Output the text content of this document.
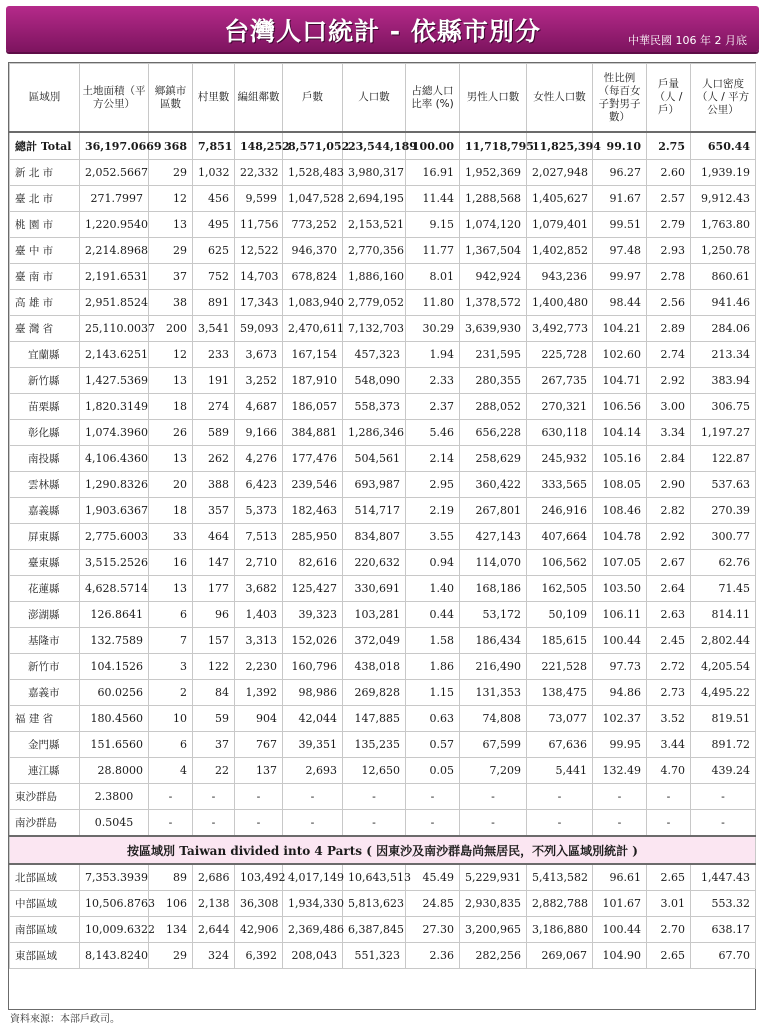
台灣人口統計 - 依縣市別分	中華民國 106 年 2 月底
區域別	土地面積（平方公里）	鄉鎮市區數	村里數	編組鄰數	戶數	人口數	占總人口比率 (%)	男性人口數	女性人口數	性比例（每百女子對男子數）	戶量（人 / 戶）	人口密度（人 / 平方公里）
總計 Total	36,197.0669	368	7,851	148,252	8,571,052	23,544,189	100.00	11,718,795	11,825,394	99.10	2.75	650.44
新 北 市	2,052.5667	29	1,032	22,332	1,528,483	3,980,317	16.91	1,952,369	2,027,948	96.27	2.60	1,939.19
臺 北 市	271.7997	12	456	9,599	1,047,528	2,694,195	11.44	1,288,568	1,405,627	91.67	2.57	9,912.43
桃 園 市	1,220.9540	13	495	11,756	773,252	2,153,521	9.15	1,074,120	1,079,401	99.51	2.79	1,763.80
臺 中 市	2,214.8968	29	625	12,522	946,370	2,770,356	11.77	1,367,504	1,402,852	97.48	2.93	1,250.78
臺 南 市	2,191.6531	37	752	14,703	678,824	1,886,160	8.01	942,924	943,236	99.97	2.78	860.61
高 雄 市	2,951.8524	38	891	17,343	1,083,940	2,779,052	11.80	1,378,572	1,400,480	98.44	2.56	941.46
臺 灣 省	25,110.0037	200	3,541	59,093	2,470,611	7,132,703	30.29	3,639,930	3,492,773	104.21	2.89	284.06
宜蘭縣	2,143.6251	12	233	3,673	167,154	457,323	1.94	231,595	225,728	102.60	2.74	213.34
新竹縣	1,427.5369	13	191	3,252	187,910	548,090	2.33	280,355	267,735	104.71	2.92	383.94
苗栗縣	1,820.3149	18	274	4,687	186,057	558,373	2.37	288,052	270,321	106.56	3.00	306.75
彰化縣	1,074.3960	26	589	9,166	384,881	1,286,346	5.46	656,228	630,118	104.14	3.34	1,197.27
南投縣	4,106.4360	13	262	4,276	177,476	504,561	2.14	258,629	245,932	105.16	2.84	122.87
雲林縣	1,290.8326	20	388	6,423	239,546	693,987	2.95	360,422	333,565	108.05	2.90	537.63
嘉義縣	1,903.6367	18	357	5,373	182,463	514,717	2.19	267,801	246,916	108.46	2.82	270.39
屏東縣	2,775.6003	33	464	7,513	285,950	834,807	3.55	427,143	407,664	104.78	2.92	300.77
臺東縣	3,515.2526	16	147	2,710	82,616	220,632	0.94	114,070	106,562	107.05	2.67	62.76
花蓮縣	4,628.5714	13	177	3,682	125,427	330,691	1.40	168,186	162,505	103.50	2.64	71.45
澎湖縣	126.8641	6	96	1,403	39,323	103,281	0.44	53,172	50,109	106.11	2.63	814.11
基隆市	132.7589	7	157	3,313	152,026	372,049	1.58	186,434	185,615	100.44	2.45	2,802.44
新竹市	104.1526	3	122	2,230	160,796	438,018	1.86	216,490	221,528	97.73	2.72	4,205.54
嘉義市	60.0256	2	84	1,392	98,986	269,828	1.15	131,353	138,475	94.86	2.73	4,495.22
福 建 省	180.4560	10	59	904	42,044	147,885	0.63	74,808	73,077	102.37	3.52	819.51
金門縣	151.6560	6	37	767	39,351	135,235	0.57	67,599	67,636	99.95	3.44	891.72
連江縣	28.8000	4	22	137	2,693	12,650	0.05	7,209	5,441	132.49	4.70	439.24
東沙群島	2.3800	-	-	-	-	-	-	-	-	-	-	-
南沙群島	0.5045	-	-	-	-	-	-	-	-	-	-	-
按區域別 Taiwan divided into 4 Parts ( 因東沙及南沙群島尚無居民，不列入區域別統計 )												
北部區域	7,353.3939	89	2,686	103,492	4,017,149	10,643,513	45.49	5,229,931	5,413,582	96.61	2.65	1,447.43
中部區域	10,506.8763	106	2,138	36,308	1,934,330	5,813,623	24.85	2,930,835	2,882,788	101.67	3.01	553.32
南部區域	10,009.6322	134	2,644	42,906	2,369,486	6,387,845	27.30	3,200,965	3,186,880	100.44	2.70	638.17
東部區域	8,143.8240	29	324	6,392	208,043	551,323	2.36	282,256	269,067	104.90	2.65	67.70
資料來源：本部戶政司。
